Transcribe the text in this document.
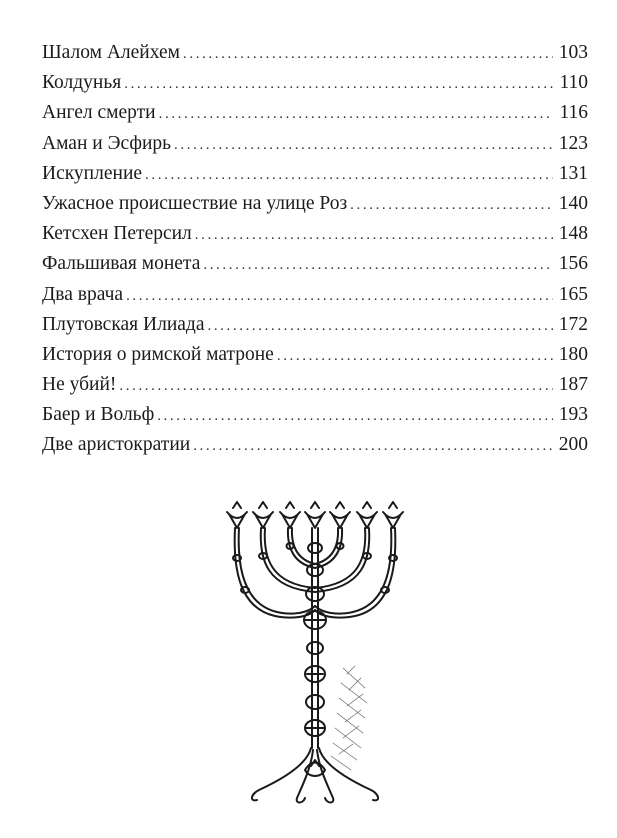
Шалом Алейхем .....	103
Колдунья .....	110
Ангел смерти .....	116
Аман и Эсфирь .....	123
Искупление .....	131
Ужасное происшествие на улице Роз .....	140
Кетсхен Петерсил .....	148
Фальшивая монета .....	156
Два врача .....	165
Плутовская Илиада .....	172
История о римской матроне .....	180
Не убий! .....	187
Баер и Вольф .....	193
Две аристократии .....	200
